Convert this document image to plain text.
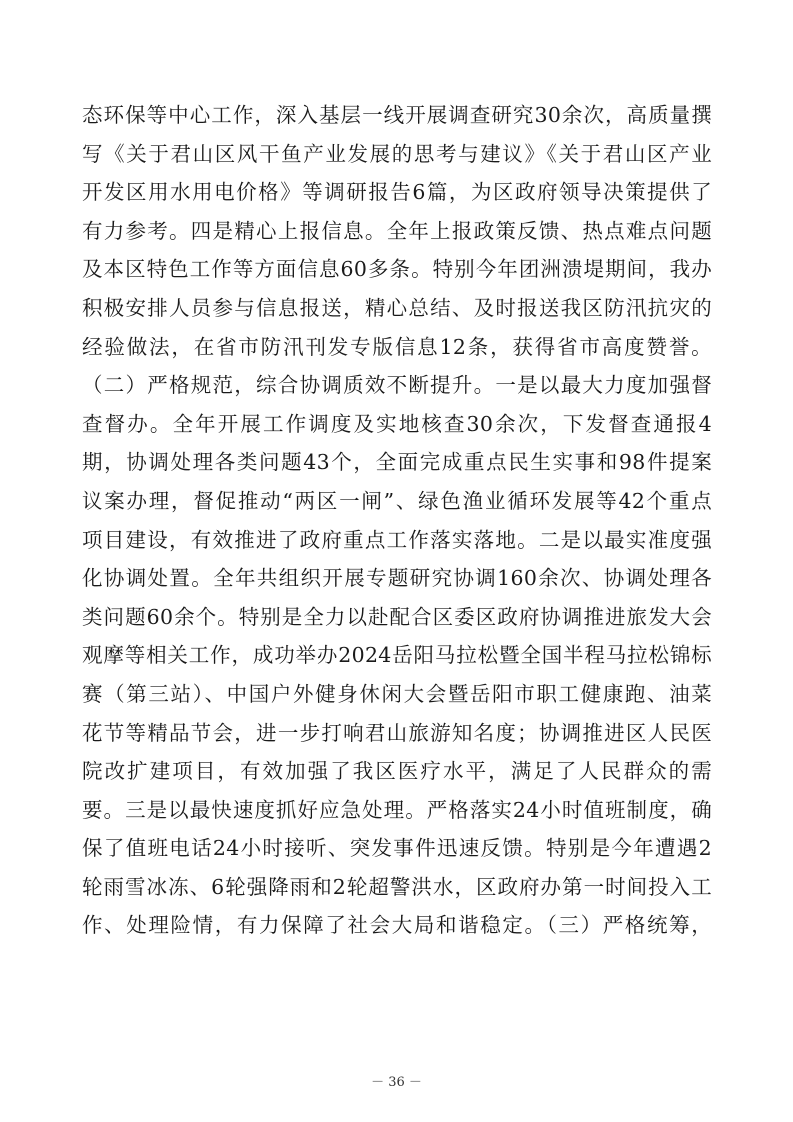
态环保等中心工作，深入基层一线开展调查研究30余次，高质量撰
写《关于君山区风干鱼产业发展的思考与建议》《关于君山区产业
开发区用水用电价格》等调研报告6篇，为区政府领导决策提供了
有力参考。四是精心上报信息。全年上报政策反馈、热点难点问题
及本区特色工作等方面信息60多条。特别今年团洲溃堤期间，我办
积极安排人员参与信息报送，精心总结、及时报送我区防汛抗灾的
经验做法，在省市防汛刊发专版信息12条，获得省市高度赞誉。
（二）严格规范，综合协调质效不断提升。一是以最大力度加强督
查督办。全年开展工作调度及实地核查30余次，下发督查通报4
期，协调处理各类问题43个，全面完成重点民生实事和98件提案
议案办理，督促推动“两区一闸”、绿色渔业循环发展等42个重点
项目建设，有效推进了政府重点工作落实落地。二是以最实准度强
化协调处置。全年共组织开展专题研究协调160余次、协调处理各
类问题60余个。特别是全力以赴配合区委区政府协调推进旅发大会
观摩等相关工作，成功举办2024岳阳马拉松暨全国半程马拉松锦标
赛（第三站）、中国户外健身休闲大会暨岳阳市职工健康跑、油菜
花节等精品节会，进一步打响君山旅游知名度；协调推进区人民医
院改扩建项目，有效加强了我区医疗水平，满足了人民群众的需
要。三是以最快速度抓好应急处理。严格落实24小时值班制度，确
保了值班电话24小时接听、突发事件迅速反馈。特别是今年遭遇2
轮雨雪冰冻、6轮强降雨和2轮超警洪水，区政府办第一时间投入工
作、处理险情，有力保障了社会大局和谐稳定。（三）严格统筹，
－ 36 －
